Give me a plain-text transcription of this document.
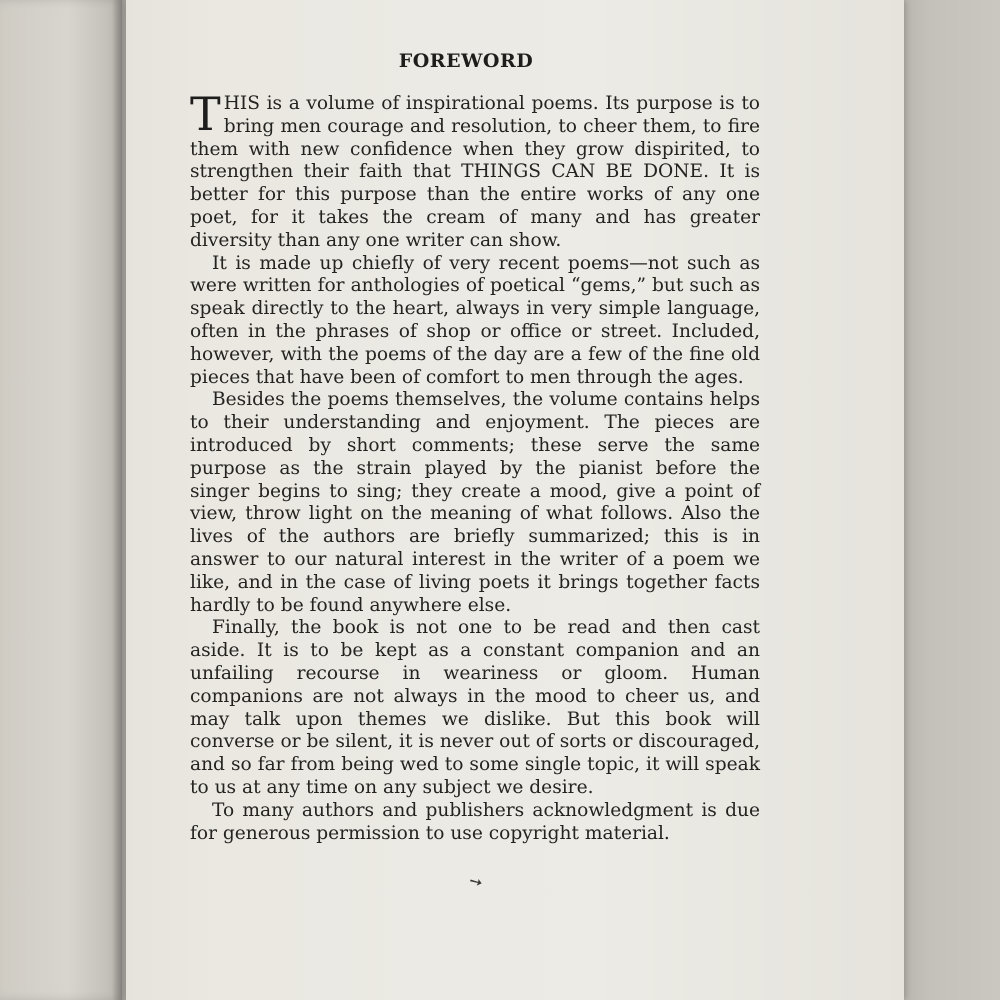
FOREWORD

THIS is a volume of inspirational poems. Its purpose is to bring men courage and resolution, to cheer them, to fire them with new confidence when they grow dispirited, to strengthen their faith that THINGS CAN BE DONE. It is better for this purpose than the entire works of any one poet, for it takes the cream of many and has greater diversity than any one writer can show.

It is made up chiefly of very recent poems—not such as were written for anthologies of poetical “gems,” but such as speak directly to the heart, always in very simple language, often in the phrases of shop or office or street. Included, however, with the poems of the day are a few of the fine old pieces that have been of comfort to men through the ages.

Besides the poems themselves, the volume contains helps to their understanding and enjoyment. The pieces are introduced by short comments; these serve the same purpose as the strain played by the pianist before the singer begins to sing; they create a mood, give a point of view, throw light on the meaning of what follows. Also the lives of the authors are briefly summarized; this is in answer to our natural interest in the writer of a poem we like, and in the case of living poets it brings together facts hardly to be found anywhere else.

Finally, the book is not one to be read and then cast aside. It is to be kept as a constant companion and an unfailing recourse in weariness or gloom. Human companions are not always in the mood to cheer us, and may talk upon themes we dislike. But this book will converse or be silent, it is never out of sorts or discouraged, and so far from being wed to some single topic, it will speak to us at any time on any subject we desire.

To many authors and publishers acknowledgment is due for generous permission to use copyright material.

➘
